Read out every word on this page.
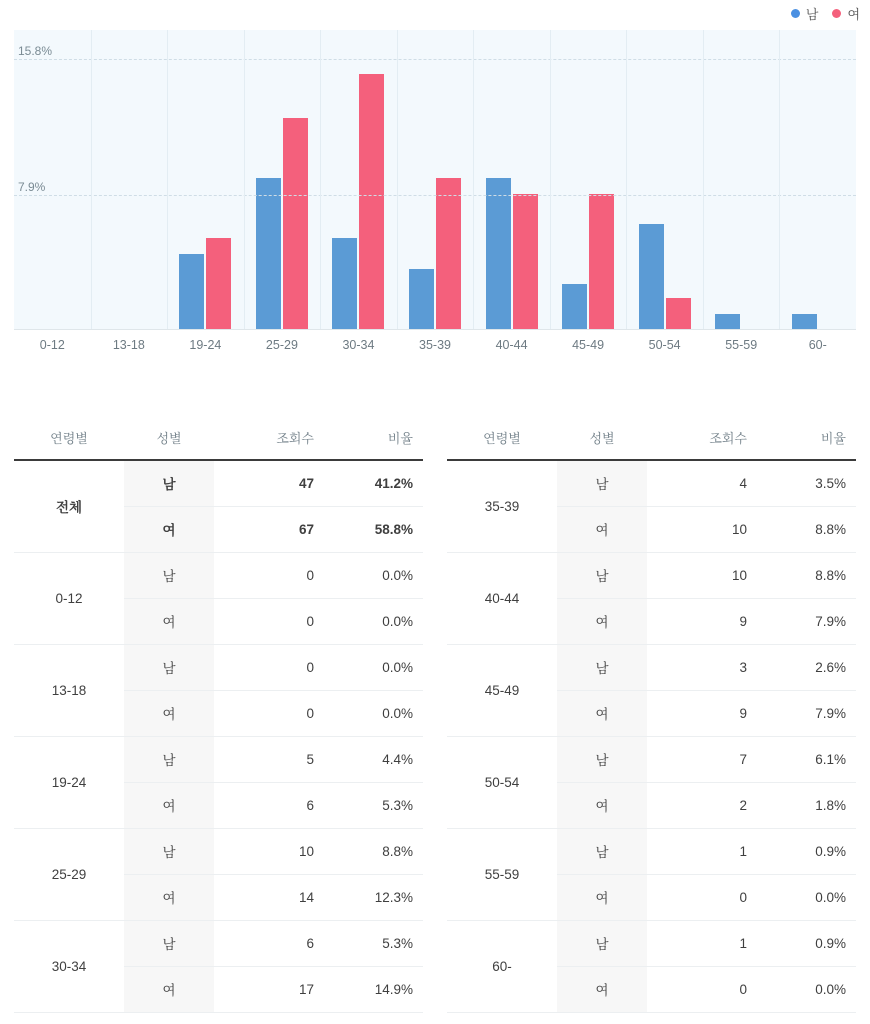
남 여
7.9%
15.8%
0-12	13-18	19-24	25-29	30-34	35-39	40-44	45-49	50-54	55-59	60-
연령별	성별	조회수	비율
전체	남	47	41.2%
	여	67	58.8%
0-12	남	0	0.0%
	여	0	0.0%
13-18	남	0	0.0%
	여	0	0.0%
19-24	남	5	4.4%
	여	6	5.3%
25-29	남	10	8.8%
	여	14	12.3%
30-34	남	6	5.3%
	여	17	14.9%
연령별	성별	조회수	비율
35-39	남	4	3.5%
	여	10	8.8%
40-44	남	10	8.8%
	여	9	7.9%
45-49	남	3	2.6%
	여	9	7.9%
50-54	남	7	6.1%
	여	2	1.8%
55-59	남	1	0.9%
	여	0	0.0%
60-	남	1	0.9%
	여	0	0.0%
